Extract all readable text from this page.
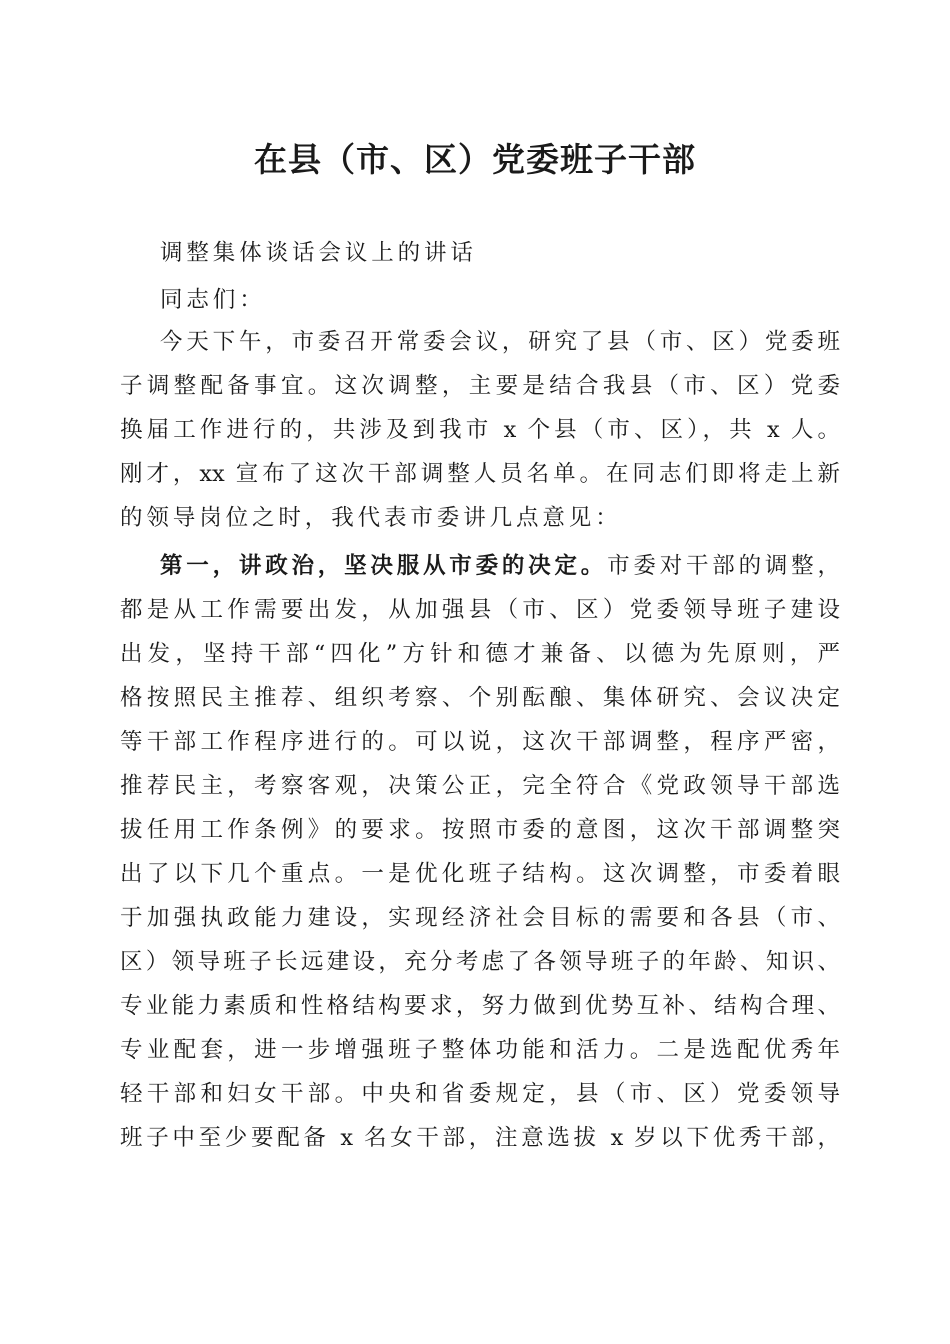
在县（市、区）党委班子干部
调整集体谈话会议上的讲话
同志们：
今天下午，市委召开常委会议，研究了县（市、区）党委班
子调整配备事宜。这次调整，主要是结合我县（市、区）党委
换届工作进行的，共涉及到我市 x 个县（市、区），共 x 人。
刚才，xx 宣布了这次干部调整人员名单。在同志们即将走上新
的领导岗位之时，我代表市委讲几点意见：
第一，讲政治，坚决服从市委的决定。市委对干部的调整，
都是从工作需要出发，从加强县（市、区）党委领导班子建设
出发，坚持干部“四化”方针和德才兼备、以德为先原则，严
格按照民主推荐、组织考察、个别酝酿、集体研究、会议决定
等干部工作程序进行的。可以说，这次干部调整，程序严密，
推荐民主，考察客观，决策公正，完全符合《党政领导干部选
拔任用工作条例》的要求。按照市委的意图，这次干部调整突
出了以下几个重点。一是优化班子结构。这次调整，市委着眼
于加强执政能力建设，实现经济社会目标的需要和各县（市、
区）领导班子长远建设，充分考虑了各领导班子的年龄、知识、
专业能力素质和性格结构要求，努力做到优势互补、结构合理、
专业配套，进一步增强班子整体功能和活力。二是选配优秀年
轻干部和妇女干部。中央和省委规定，县（市、区）党委领导
班子中至少要配备 x 名女干部，注意选拔 x 岁以下优秀干部，
